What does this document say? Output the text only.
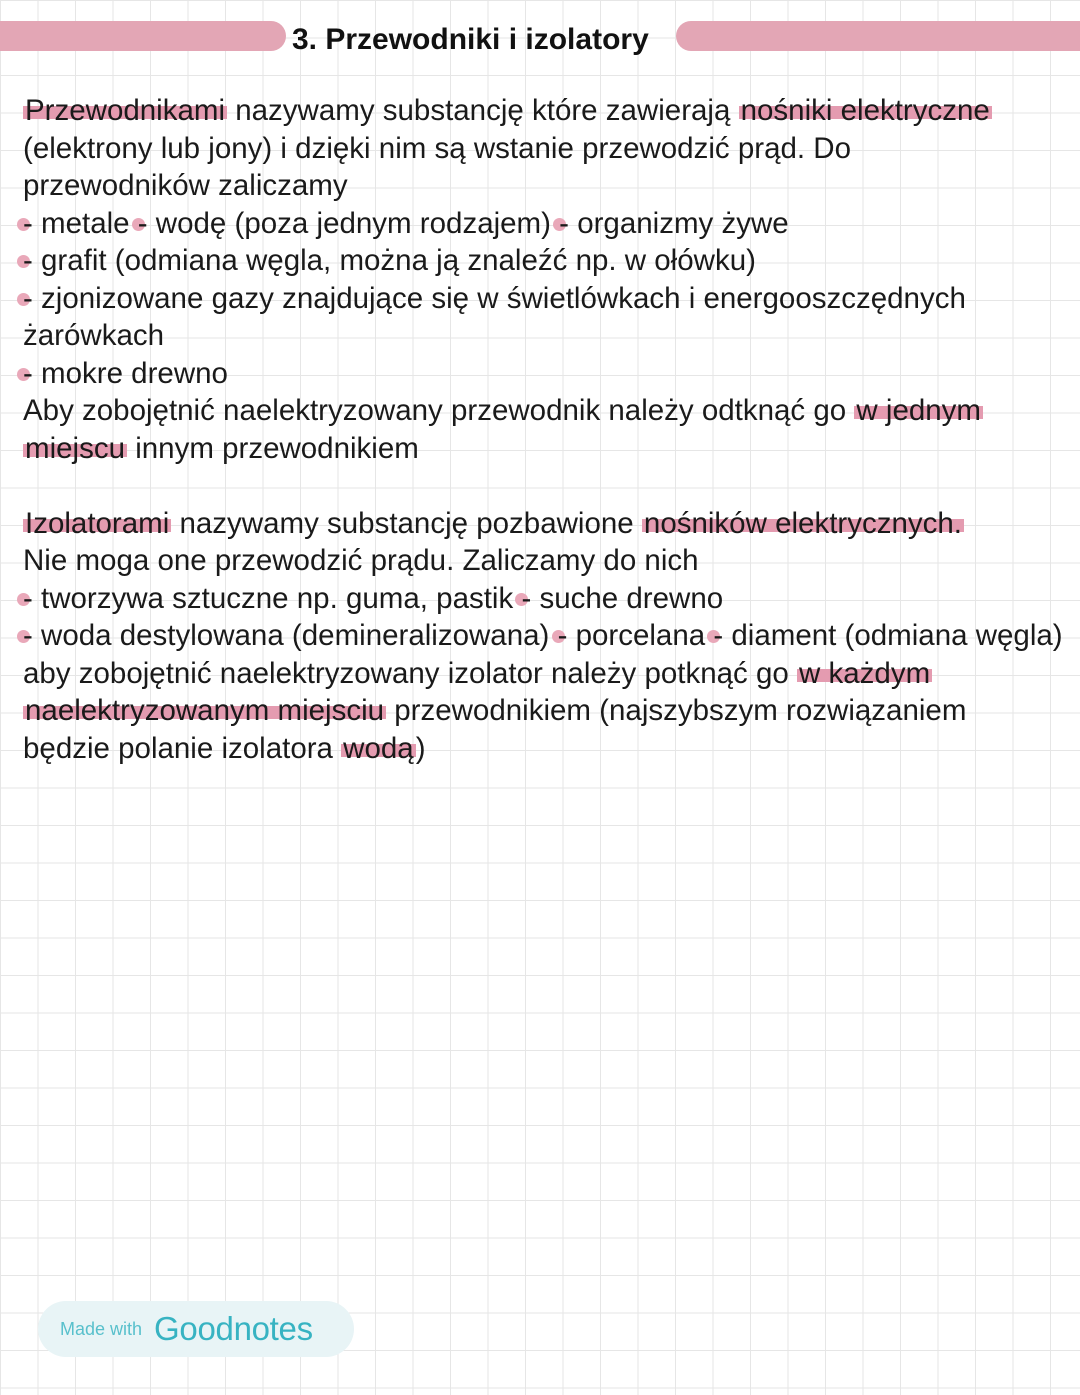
3. Przewodniki i izolatory
Przewodnikami nazywamy substancję które zawierają nośniki elektryczne
(elektrony lub jony) i dzięki nim są wstanie przewodzić prąd. Do
przewodników zaliczamy
- metale - wodę (poza jednym rodzajem) - organizmy żywe - grafit (odmiana węgla, można ją znaleźć np. w ołówku) - zjonizowane gazy znajdujące się w świetlówkach i energooszczędnych
żarówkach
- mokre drewno
Aby zobojętnić naelektryzowany przewodnik należy odtknąć go w jednym
miejscu innym przewodnikiem
Izolatorami nazywamy substancję pozbawione nośników elektrycznych.
Nie moga one przewodzić prądu. Zaliczamy do nich
- tworzywa sztuczne np. guma, pastik - suche drewno - woda destylowana (demineralizowana) - porcelana - diament (odmiana węgla)
aby zobojętnić naelektryzowany izolator należy potknąć go w każdym
naelektryzowanym miejsciu przewodnikiem (najszybszym rozwiązaniem
będzie polanie izolatora wodą)
Made with Goodnotes
